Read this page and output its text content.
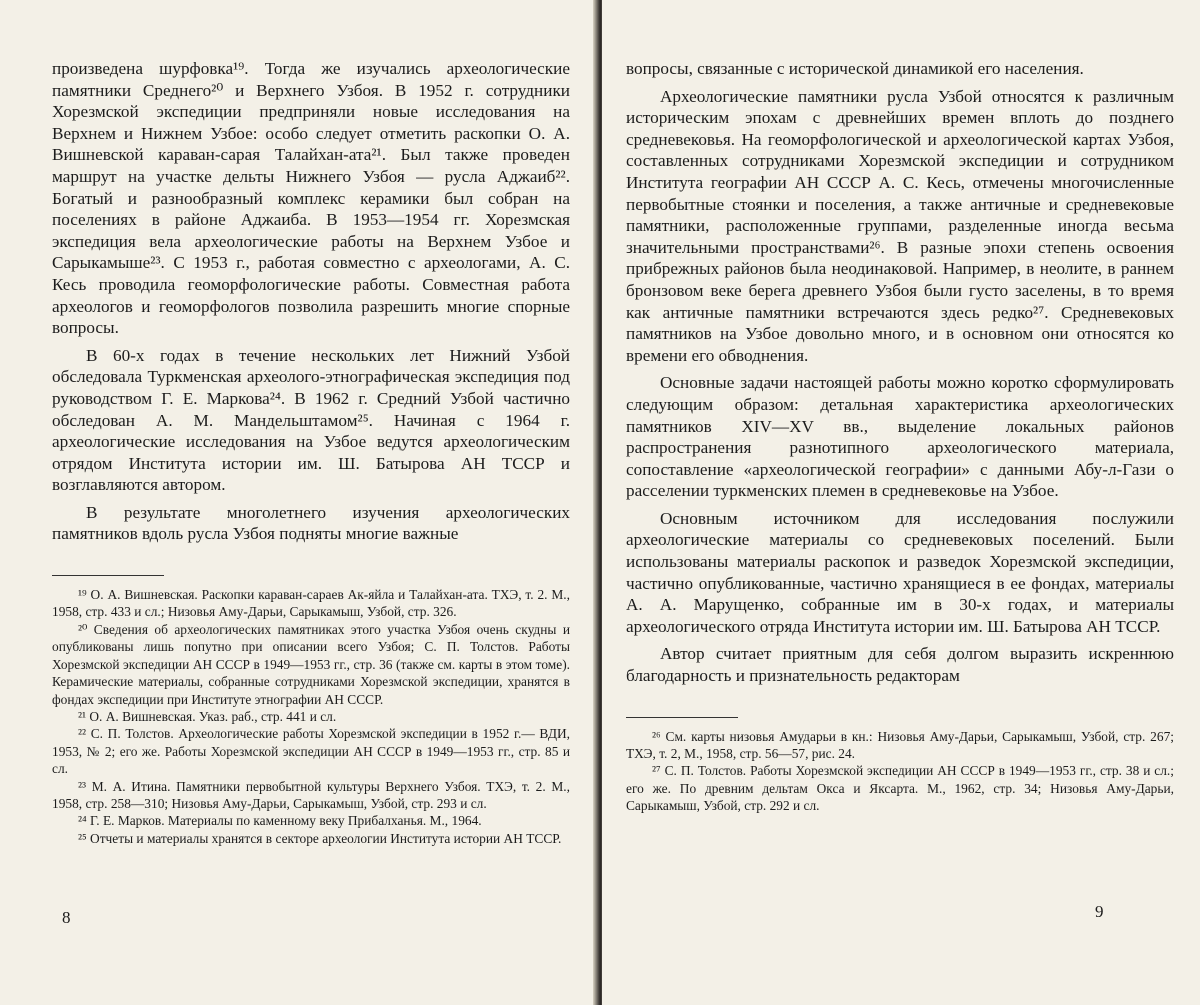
произведена шурфовка¹⁹. Тогда же изучались археологические памятники Среднего²⁰ и Верхнего Узбоя. В 1952 г. сотрудники Хорезмской экспедиции предприняли новые исследования на Верхнем и Нижнем Узбое: особо следует отметить раскопки О. А. Вишневской караван-сарая Талайхан-ата²¹. Был также проведен маршрут на участке дельты Нижнего Узбоя — русла Аджаиб²². Богатый и разнообразный комплекс керамики был собран на поселениях в районе Аджаиба. В 1953—1954 гг. Хорезмская экспедиция вела археологические работы на Верхнем Узбое и Сарыкамыше²³. С 1953 г., работая совместно с археологами, А. С. Кесь проводила геоморфологические работы. Совместная работа археологов и геоморфологов позволила разрешить многие спорные вопросы.

В 60-х годах в течение нескольких лет Нижний Узбой обследовала Туркменская археолого-этнографическая экспедиция под руководством Г. Е. Маркова²⁴. В 1962 г. Средний Узбой частично обследован А. М. Мандельштамом²⁵. Начиная с 1964 г. археологические исследования на Узбое ведутся археологическим отрядом Института истории им. Ш. Батырова АН ТССР и возглавляются автором.

В результате многолетнего изучения археологических памятников вдоль русла Узбоя подняты многие важные

¹⁹ О. А. Вишневская. Раскопки караван-сараев Ак-яйла и Талайхан-ата. ТХЭ, т. 2. М., 1958, стр. 433 и сл.; Низовья Аму-Дарьи, Сарыкамыш, Узбой, стр. 326.

²⁰ Сведения об археологических памятниках этого участка Узбоя очень скудны и опубликованы лишь попутно при описании всего Узбоя; С. П. Толстов. Работы Хорезмской экспедиции АН СССР в 1949—1953 гг., стр. 36 (также см. карты в этом томе). Керамические материалы, собранные сотрудниками Хорезмской экспедиции, хранятся в фондах экспедиции при Институте этнографии АН СССР.

²¹ О. А. Вишневская. Указ. раб., стр. 441 и сл.

²² С. П. Толстов. Археологические работы Хорезмской экспедиции в 1952 г.— ВДИ, 1953, № 2; его же. Работы Хорезмской экспедиции АН СССР в 1949—1953 гг., стр. 85 и сл.

²³ М. А. Итина. Памятники первобытной культуры Верхнего Узбоя. ТХЭ, т. 2. М., 1958, стр. 258—310; Низовья Аму-Дарьи, Сарыкамыш, Узбой, стр. 293 и сл.

²⁴ Г. Е. Марков. Материалы по каменному веку Прибалханья. М., 1964.

²⁵ Отчеты и материалы хранятся в секторе археологии Института истории АН ТССР.

8

вопросы, связанные с исторической динамикой его населения.

Археологические памятники русла Узбой относятся к различным историческим эпохам с древнейших времен вплоть до позднего средневековья. На геоморфологической и археологической картах Узбоя, составленных сотрудниками Хорезмской экспедиции и сотрудником Института географии АН СССР А. С. Кесь, отмечены многочисленные первобытные стоянки и поселения, а также античные и средневековые памятники, расположенные группами, разделенные иногда весьма значительными пространствами²⁶. В разные эпохи степень освоения прибрежных районов была неодинаковой. Например, в неолите, в раннем бронзовом веке берега древнего Узбоя были густо заселены, в то время как античные памятники встречаются здесь редко²⁷. Средневековых памятников на Узбое довольно много, и в основном они относятся ко времени его обводнения.

Основные задачи настоящей работы можно коротко сформулировать следующим образом: детальная характеристика археологических памятников XIV—XV вв., выделение локальных районов распространения разнотипного археологического материала, сопоставление «археологической географии» с данными Абу-л-Гази о расселении туркменских племен в средневековье на Узбое.

Основным источником для исследования послужили археологические материалы со средневековых поселений. Были использованы материалы раскопок и разведок Хорезмской экспедиции, частично опубликованные, частично хранящиеся в ее фондах, материалы А. А. Марущенко, собранные им в 30-х годах, и материалы археологического отряда Института истории им. Ш. Батырова АН ТССР.

Автор считает приятным для себя долгом выразить искреннюю благодарность и признательность редакторам

²⁶ См. карты низовья Амударьи в кн.: Низовья Аму-Дарьи, Сарыкамыш, Узбой, стр. 267; ТХЭ, т. 2, М., 1958, стр. 56—57, рис. 24.

²⁷ С. П. Толстов. Работы Хорезмской экспедиции АН СССР в 1949—1953 гг., стр. 38 и сл.; его же. По древним дельтам Окса и Яксарта. М., 1962, стр. 34; Низовья Аму-Дарьи, Сарыкамыш, Узбой, стр. 292 и сл.

9
